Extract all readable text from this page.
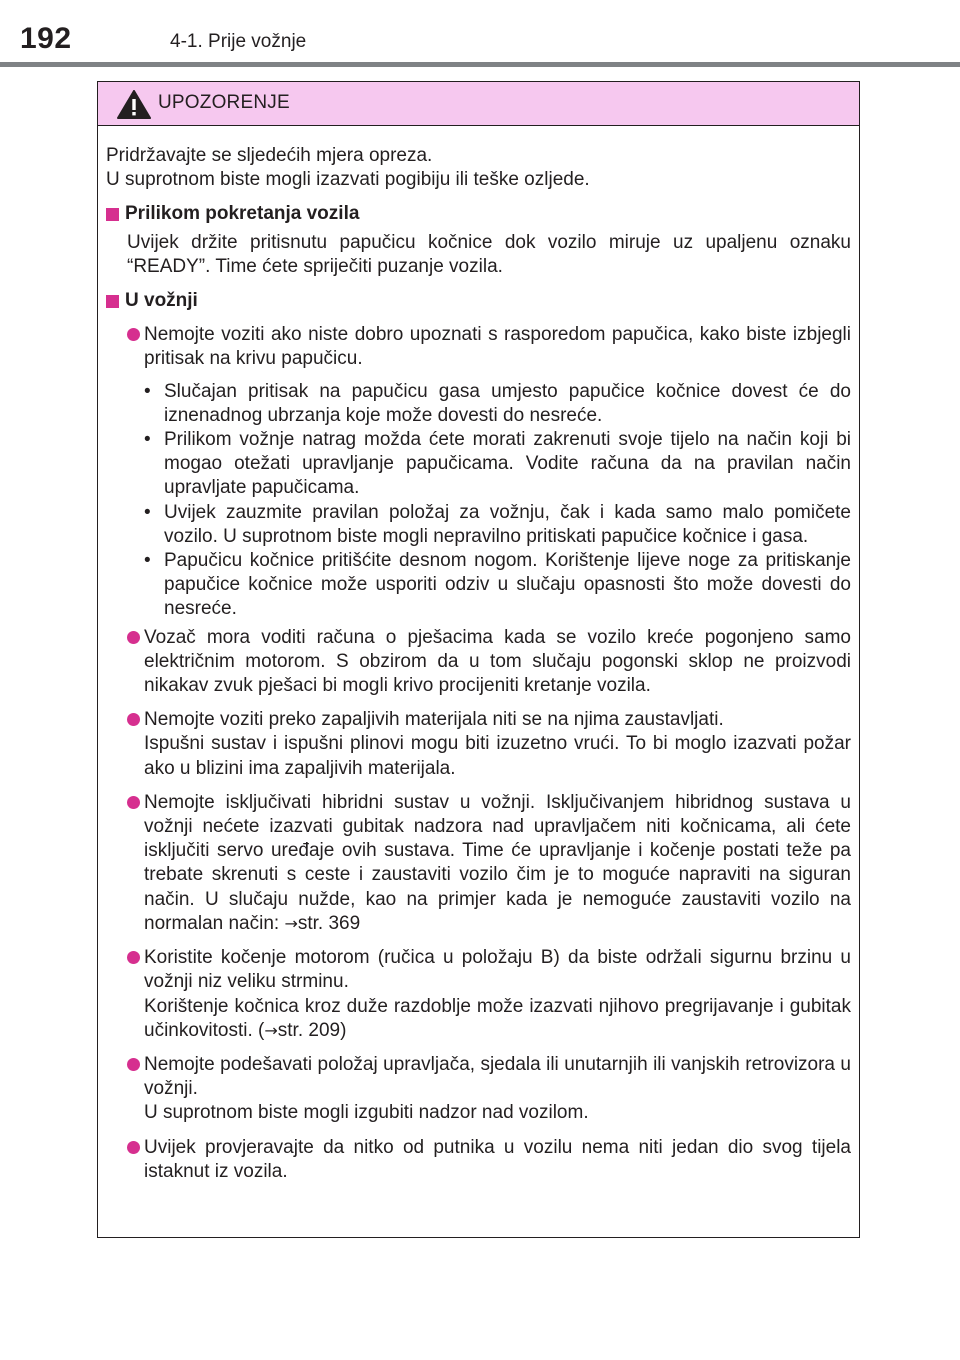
192	4-1. Prije vožnje
UPOZORENJE

Pridržavajte se sljedećih mjera opreza.

U suprotnom biste mogli izazvati pogibiju ili teške ozljede.

Prilikom pokretanja vozila

Uvijek držite pritisnutu papučicu kočnice dok vozilo miruje uz upaljenu oznaku “READY”. Time ćete spriječiti puzanje vozila.

U vožnji

Nemojte voziti ako niste dobro upoznati s rasporedom papučica, kako biste izbjegli pritisak na krivu papučicu.

• Slučajan pritisak na papučicu gasa umjesto papučice kočnice dovest će do iznenadnog ubrzanja koje može dovesti do nesreće.
• Prilikom vožnje natrag možda ćete morati zakrenuti svoje tijelo na način koji bi mogao otežati upravljanje papučicama. Vodite računa da na pravilan način upravljate papučicama.
• Uvijek zauzmite pravilan položaj za vožnju, čak i kada samo malo pomičete vozilo. U suprotnom biste mogli nepravilno pritiskati papučice kočnice i gasa.
• Papučicu kočnice pritišćite desnom nogom. Korištenje lijeve noge za pritiskanje papučice kočnice može usporiti odziv u slučaju opasnosti što može dovesti do nesreće.

Vozač mora voditi računa o pješacima kada se vozilo kreće pogonjeno samo električnim motorom. S obzirom da u tom slučaju pogonski sklop ne proizvodi nikakav zvuk pješaci bi mogli krivo procijeniti kretanje vozila.

Nemojte voziti preko zapaljivih materijala niti se na njima zaustavljati.

Ispušni sustav i ispušni plinovi mogu biti izuzetno vrući. To bi moglo izazvati požar ako u blizini ima zapaljivih materijala.

Nemojte isključivati hibridni sustav u vožnji. Isključivanjem hibridnog sustava u vožnji nećete izazvati gubitak nadzora nad upravljačem niti kočnicama, ali ćete isključiti servo uređaje ovih sustava. Time će upravljanje i kočenje postati teže pa trebate skrenuti s ceste i zaustaviti vozilo čim je to moguće napraviti na siguran način. U slučaju nužde, kao na primjer kada je nemoguće zaustaviti vozilo na normalan način: →str. 369

Koristite kočenje motorom (ručica u položaju B) da biste održali sigurnu brzinu u vožnji niz veliku strminu.

Korištenje kočnica kroz duže razdoblje može izazvati njihovo pregrijavanje i gubitak učinkovitosti. (→str. 209)

Nemojte podešavati položaj upravljača, sjedala ili unutarnjih ili vanjskih retrovizora u vožnji.

U suprotnom biste mogli izgubiti nadzor nad vozilom.

Uvijek provjeravajte da nitko od putnika u vozilu nema niti jedan dio svog tijela istaknut iz vozila.
